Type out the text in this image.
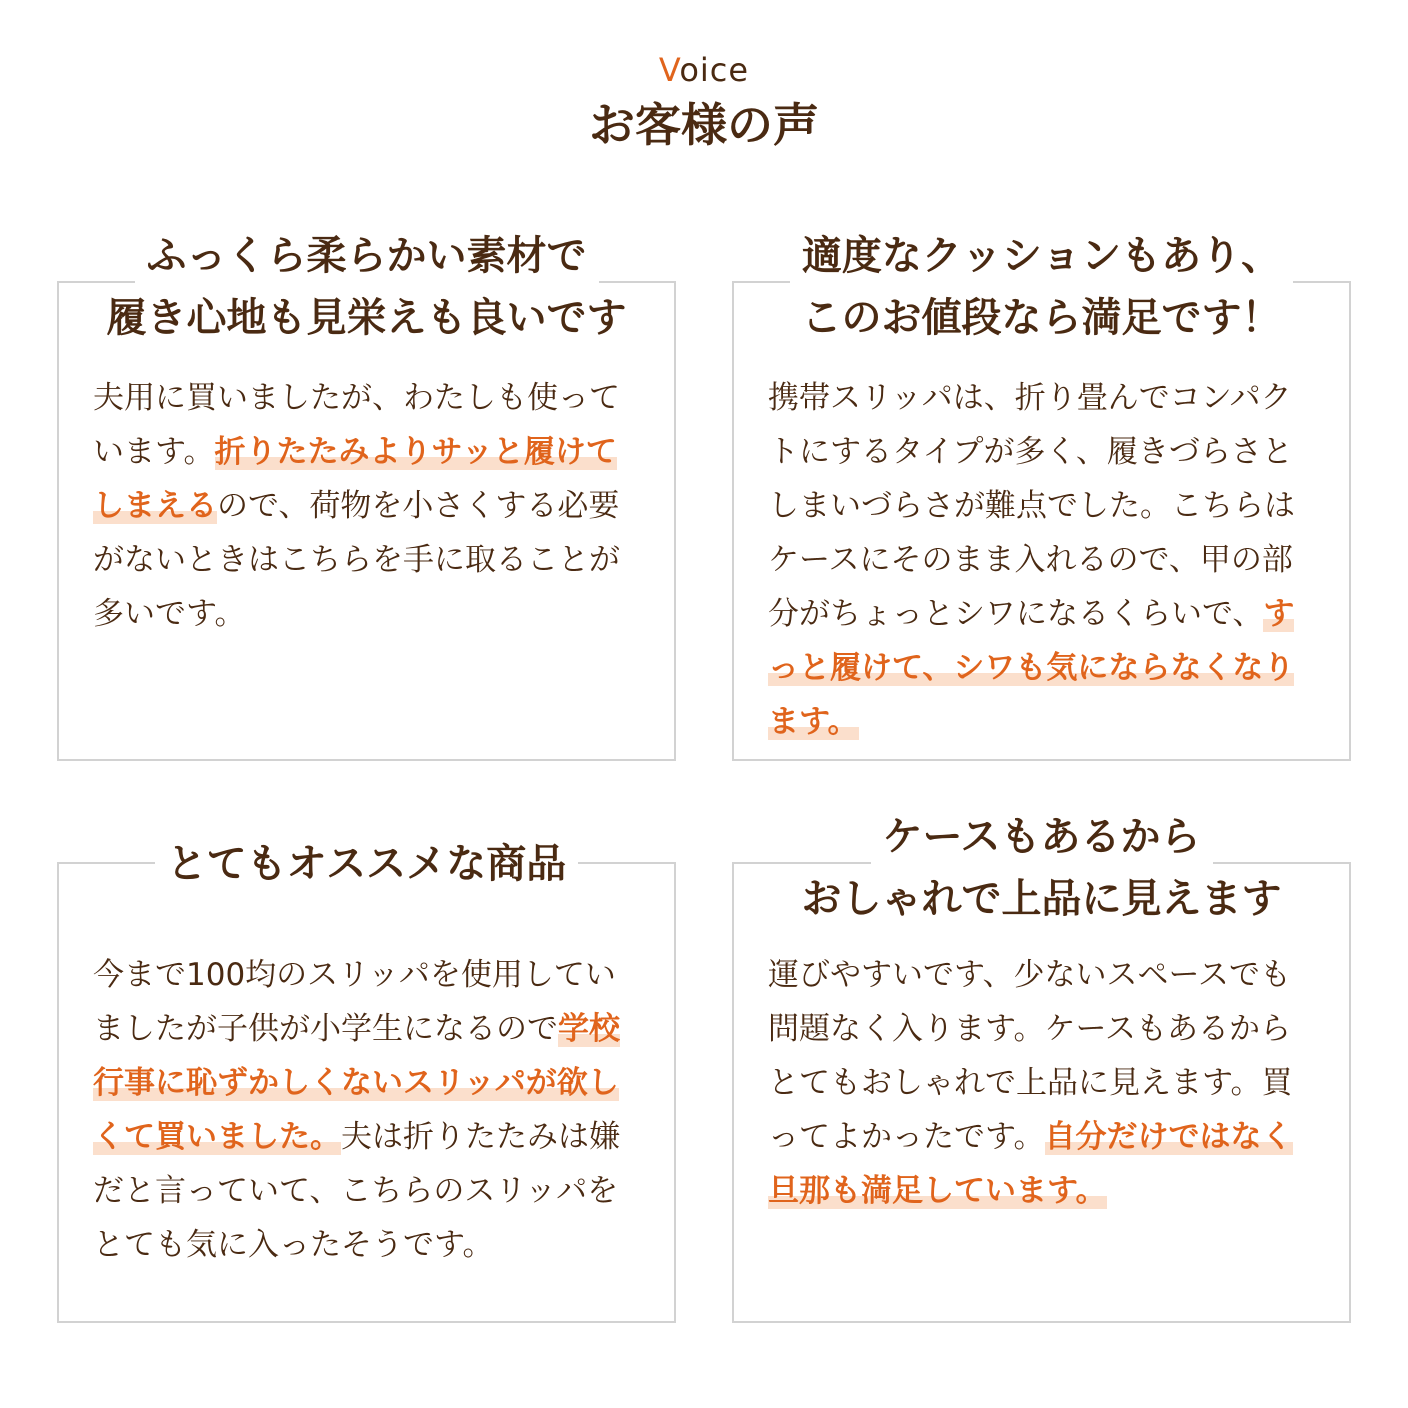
Voice
お客様の声
ふっくら柔らかい素材で
履き心地も見栄えも良いです
夫用に買いましたが、わたしも使っています。折りたたみよりサッと履けてしまえるので、荷物を小さくする必要がないときはこちらを手に取ることが多いです。
適度なクッションもあり、
このお値段なら満足です！
携帯スリッパは、折り畳んでコンパクトにするタイプが多く、履きづらさとしまいづらさが難点でした。こちらはケースにそのまま入れるので、甲の部分がちょっとシワになるくらいで、すっと履けて、シワも気にならなくなります。
とてもオススメな商品
今まで100均のスリッパを使用していましたが子供が小学生になるので学校行事に恥ずかしくないスリッパが欲しくて買いました。夫は折りたたみは嫌だと言っていて、こちらのスリッパをとても気に入ったそうです。
ケースもあるから
おしゃれで上品に見えます
運びやすいです、少ないスペースでも問題なく入ります。ケースもあるからとてもおしゃれで上品に見えます。買ってよかったです。自分だけではなく旦那も満足しています。
